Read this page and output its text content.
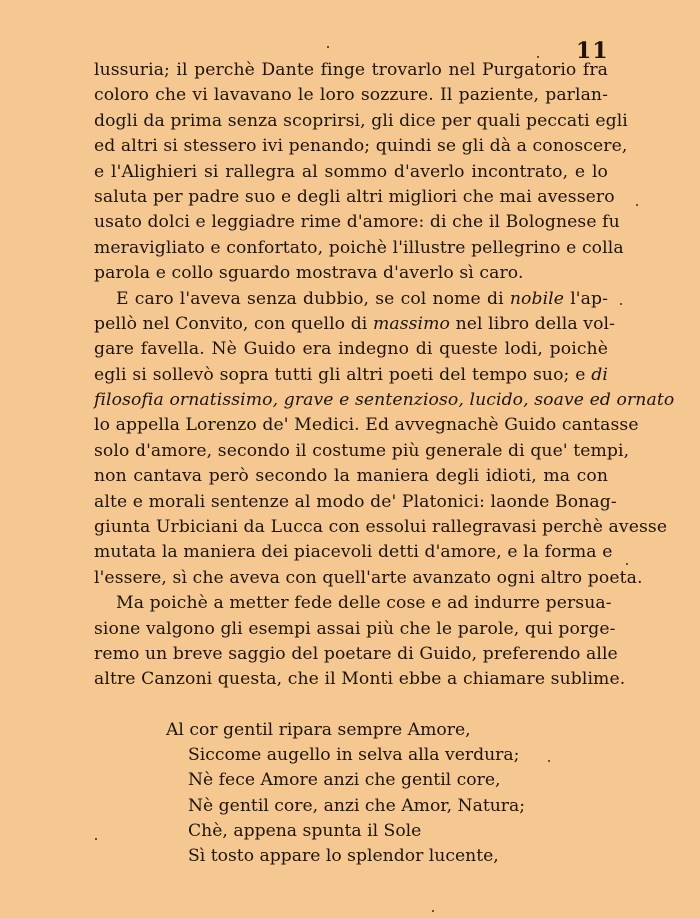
11
lussuria; il perchè Dante finge trovarlo nel Purgatorio fra
coloro che vi lavavano le loro sozzure. Il paziente, parlan-
dogli da prima senza scoprirsi, gli dice per quali peccati egli
ed altri si stessero ivi penando; quindi se gli dà a conoscere,
e l'Alighieri si rallegra al sommo d'averlo incontrato, e lo
saluta per padre suo e degli altri migliori che mai avessero
usato dolci e leggiadre rime d'amore: di che il Bolognese fu
meravigliato e confortato, poichè l'illustre pellegrino e colla
parola e collo sguardo mostrava d'averlo sì caro.
E caro l'aveva senza dubbio, se col nome di nobile l'ap-
pellò nel Convito, con quello di massimo nel libro della vol-
gare favella. Nè Guido era indegno di queste lodi, poichè
egli si sollevò sopra tutti gli altri poeti del tempo suo; e di
filosofia ornatissimo, grave e sentenzioso, lucido, soave ed ornato
lo appella Lorenzo de' Medici. Ed avvegnachè Guido cantasse
solo d'amore, secondo il costume più generale di que' tempi,
non cantava però secondo la maniera degli idioti, ma con
alte e morali sentenze al modo de' Platonici: laonde Bonag-
giunta Urbiciani da Lucca con essolui rallegravasi perchè avesse
mutata la maniera dei piacevoli detti d'amore, e la forma e
l'essere, sì che aveva con quell'arte avanzato ogni altro poeta.
Ma poichè a metter fede delle cose e ad indurre persua-
sione valgono gli esempi assai più che le parole, qui porge-
remo un breve saggio del poetare di Guido, preferendo alle
altre Canzoni questa, che il Monti ebbe a chiamare sublime.
Al cor gentil ripara sempre Amore,
Siccome augello in selva alla verdura;
Nè fece Amore anzi che gentil core,
Nè gentil core, anzi che Amor, Natura;
Chè, appena spunta il Sole
Sì tosto appare lo splendor lucente,
